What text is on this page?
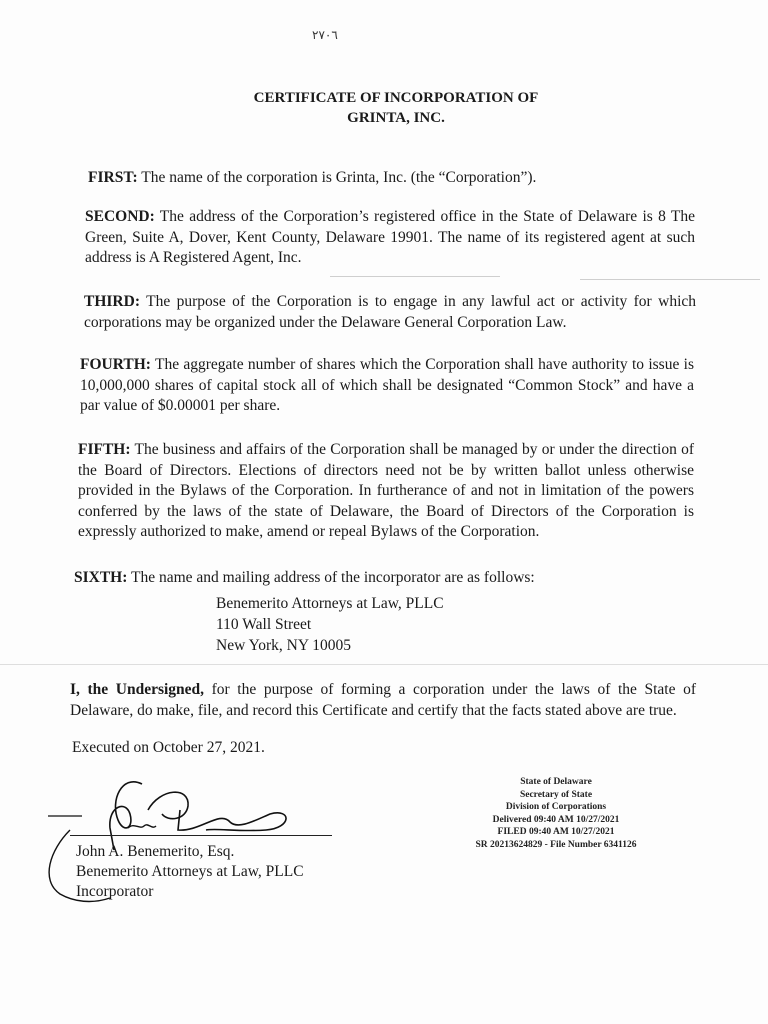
٢٧٠٦
CERTIFICATE OF INCORPORATION OF
GRINTA, INC.
FIRST: The name of the corporation is Grinta, Inc. (the “Corporation”).
SECOND: The address of the Corporation’s registered office in the State of Delaware is 8 The Green, Suite A, Dover, Kent County, Delaware 19901. The name of its registered agent at such address is A Registered Agent, Inc.
THIRD: The purpose of the Corporation is to engage in any lawful act or activity for which corporations may be organized under the Delaware General Corporation Law.
FOURTH: The aggregate number of shares which the Corporation shall have authority to issue is 10,000,000 shares of capital stock all of which shall be designated “Common Stock” and have a par value of $0.00001 per share.
FIFTH: The business and affairs of the Corporation shall be managed by or under the direction of the Board of Directors. Elections of directors need not be by written ballot unless otherwise provided in the Bylaws of the Corporation. In furtherance of and not in limitation of the powers conferred by the laws of the state of Delaware, the Board of Directors of the Corporation is expressly authorized to make, amend or repeal Bylaws of the Corporation.
SIXTH: The name and mailing address of the incorporator are as follows:
Benemerito Attorneys at Law, PLLC
110 Wall Street
New York, NY 10005
I, the Undersigned, for the purpose of forming a corporation under the laws of the State of Delaware, do make, file, and record this Certificate and certify that the facts stated above are true.
Executed on October 27, 2021.
John A. Benemerito, Esq.
Benemerito Attorneys at Law, PLLC
Incorporator
State of Delaware
Secretary of State
Division of Corporations
Delivered 09:40 AM 10/27/2021
FILED 09:40 AM 10/27/2021
SR 20213624829 - File Number 6341126
